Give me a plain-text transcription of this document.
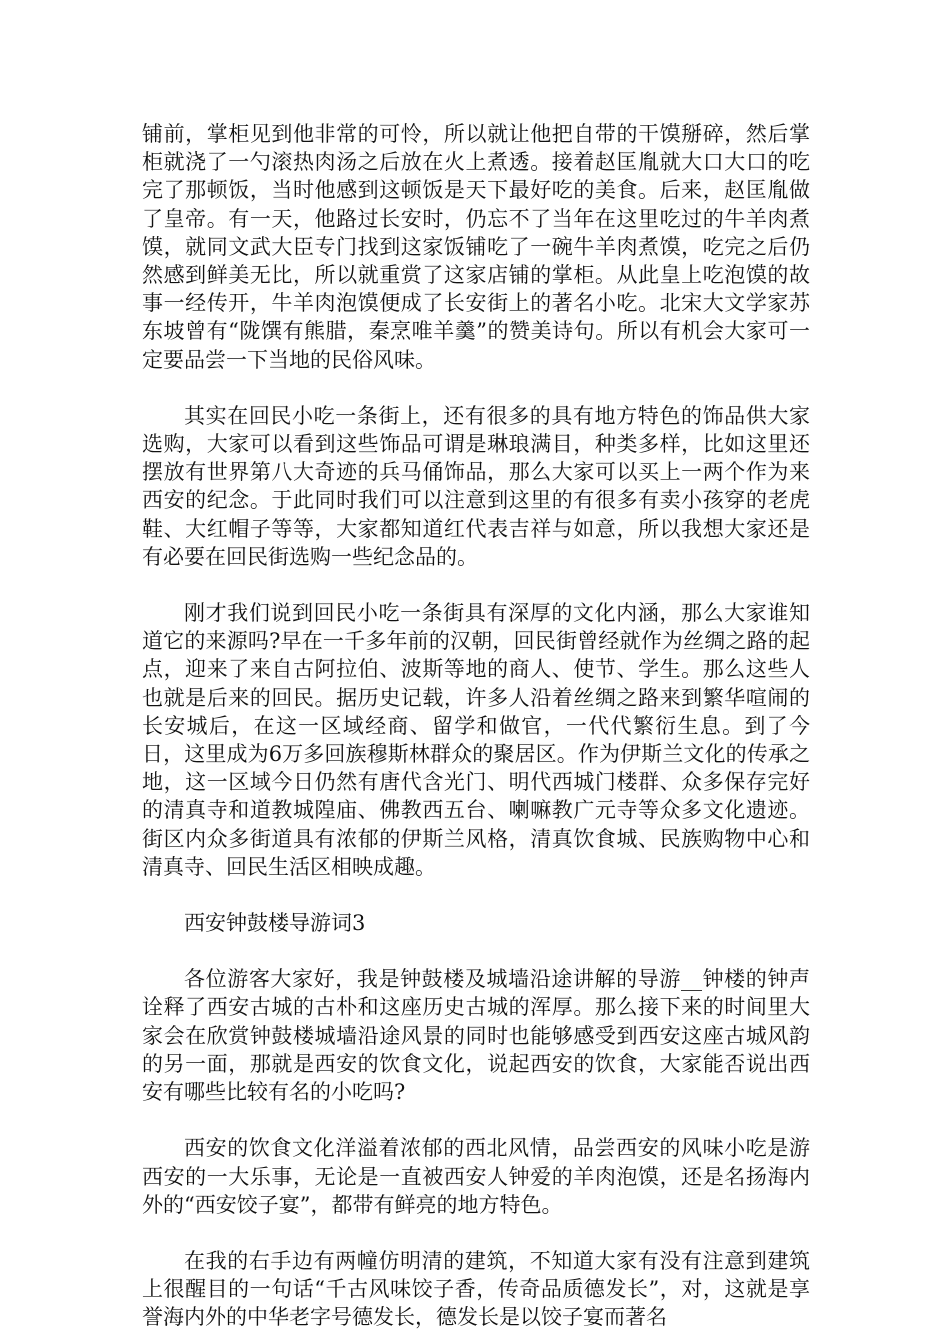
铺前，掌柜见到他非常的可怜，所以就让他把自带的干馍掰碎，然后掌柜就浇了一勺滚热肉汤之后放在火上煮透。接着赵匡胤就大口大口的吃完了那顿饭，当时他感到这顿饭是天下最好吃的美食。后来，赵匡胤做了皇帝。有一天，他路过长安时，仍忘不了当年在这里吃过的牛羊肉煮馍，就同文武大臣专门找到这家饭铺吃了一碗牛羊肉煮馍，吃完之后仍然感到鲜美无比，所以就重赏了这家店铺的掌柜。从此皇上吃泡馍的故事一经传开，牛羊肉泡馍便成了长安街上的著名小吃。北宋大文学家苏东坡曾有“陇馔有熊腊，秦烹唯羊羹”的赞美诗句。所以有机会大家可一定要品尝一下当地的民俗风味。

其实在回民小吃一条街上，还有很多的具有地方特色的饰品供大家选购，大家可以看到这些饰品可谓是琳琅满目，种类多样，比如这里还摆放有世界第八大奇迹的兵马俑饰品，那么大家可以买上一两个作为来西安的纪念。于此同时我们可以注意到这里的有很多有卖小孩穿的老虎鞋、大红帽子等等，大家都知道红代表吉祥与如意，所以我想大家还是有必要在回民街选购一些纪念品的。

刚才我们说到回民小吃一条街具有深厚的文化内涵，那么大家谁知道它的来源吗?早在一千多年前的汉朝，回民街曾经就作为丝绸之路的起点，迎来了来自古阿拉伯、波斯等地的商人、使节、学生。那么这些人也就是后来的回民。据历史记载，许多人沿着丝绸之路来到繁华喧闹的长安城后，在这一区域经商、留学和做官，一代代繁衍生息。到了今日，这里成为6万多回族穆斯林群众的聚居区。作为伊斯兰文化的传承之地，这一区域今日仍然有唐代含光门、明代西城门楼群、众多保存完好的清真寺和道教城隍庙、佛教西五台、喇嘛教广元寺等众多文化遗迹。街区内众多街道具有浓郁的伊斯兰风格，清真饮食城、民族购物中心和清真寺、回民生活区相映成趣。

西安钟鼓楼导游词3

各位游客大家好，我是钟鼓楼及城墙沿途讲解的导游__钟楼的钟声诠释了西安古城的古朴和这座历史古城的浑厚。那么接下来的时间里大家会在欣赏钟鼓楼城墙沿途风景的同时也能够感受到西安这座古城风韵的另一面，那就是西安的饮食文化，说起西安的饮食，大家能否说出西安有哪些比较有名的小吃吗?

西安的饮食文化洋溢着浓郁的西北风情，品尝西安的风味小吃是游西安的一大乐事，无论是一直被西安人钟爱的羊肉泡馍，还是名扬海内外的“西安饺子宴”，都带有鲜亮的地方特色。

在我的右手边有两幢仿明清的建筑，不知道大家有没有注意到建筑上很醒目的一句话“千古风味饺子香，传奇品质德发长”，对，这就是享誉海内外的中华老字号德发长，德发长是以饺子宴而著名
